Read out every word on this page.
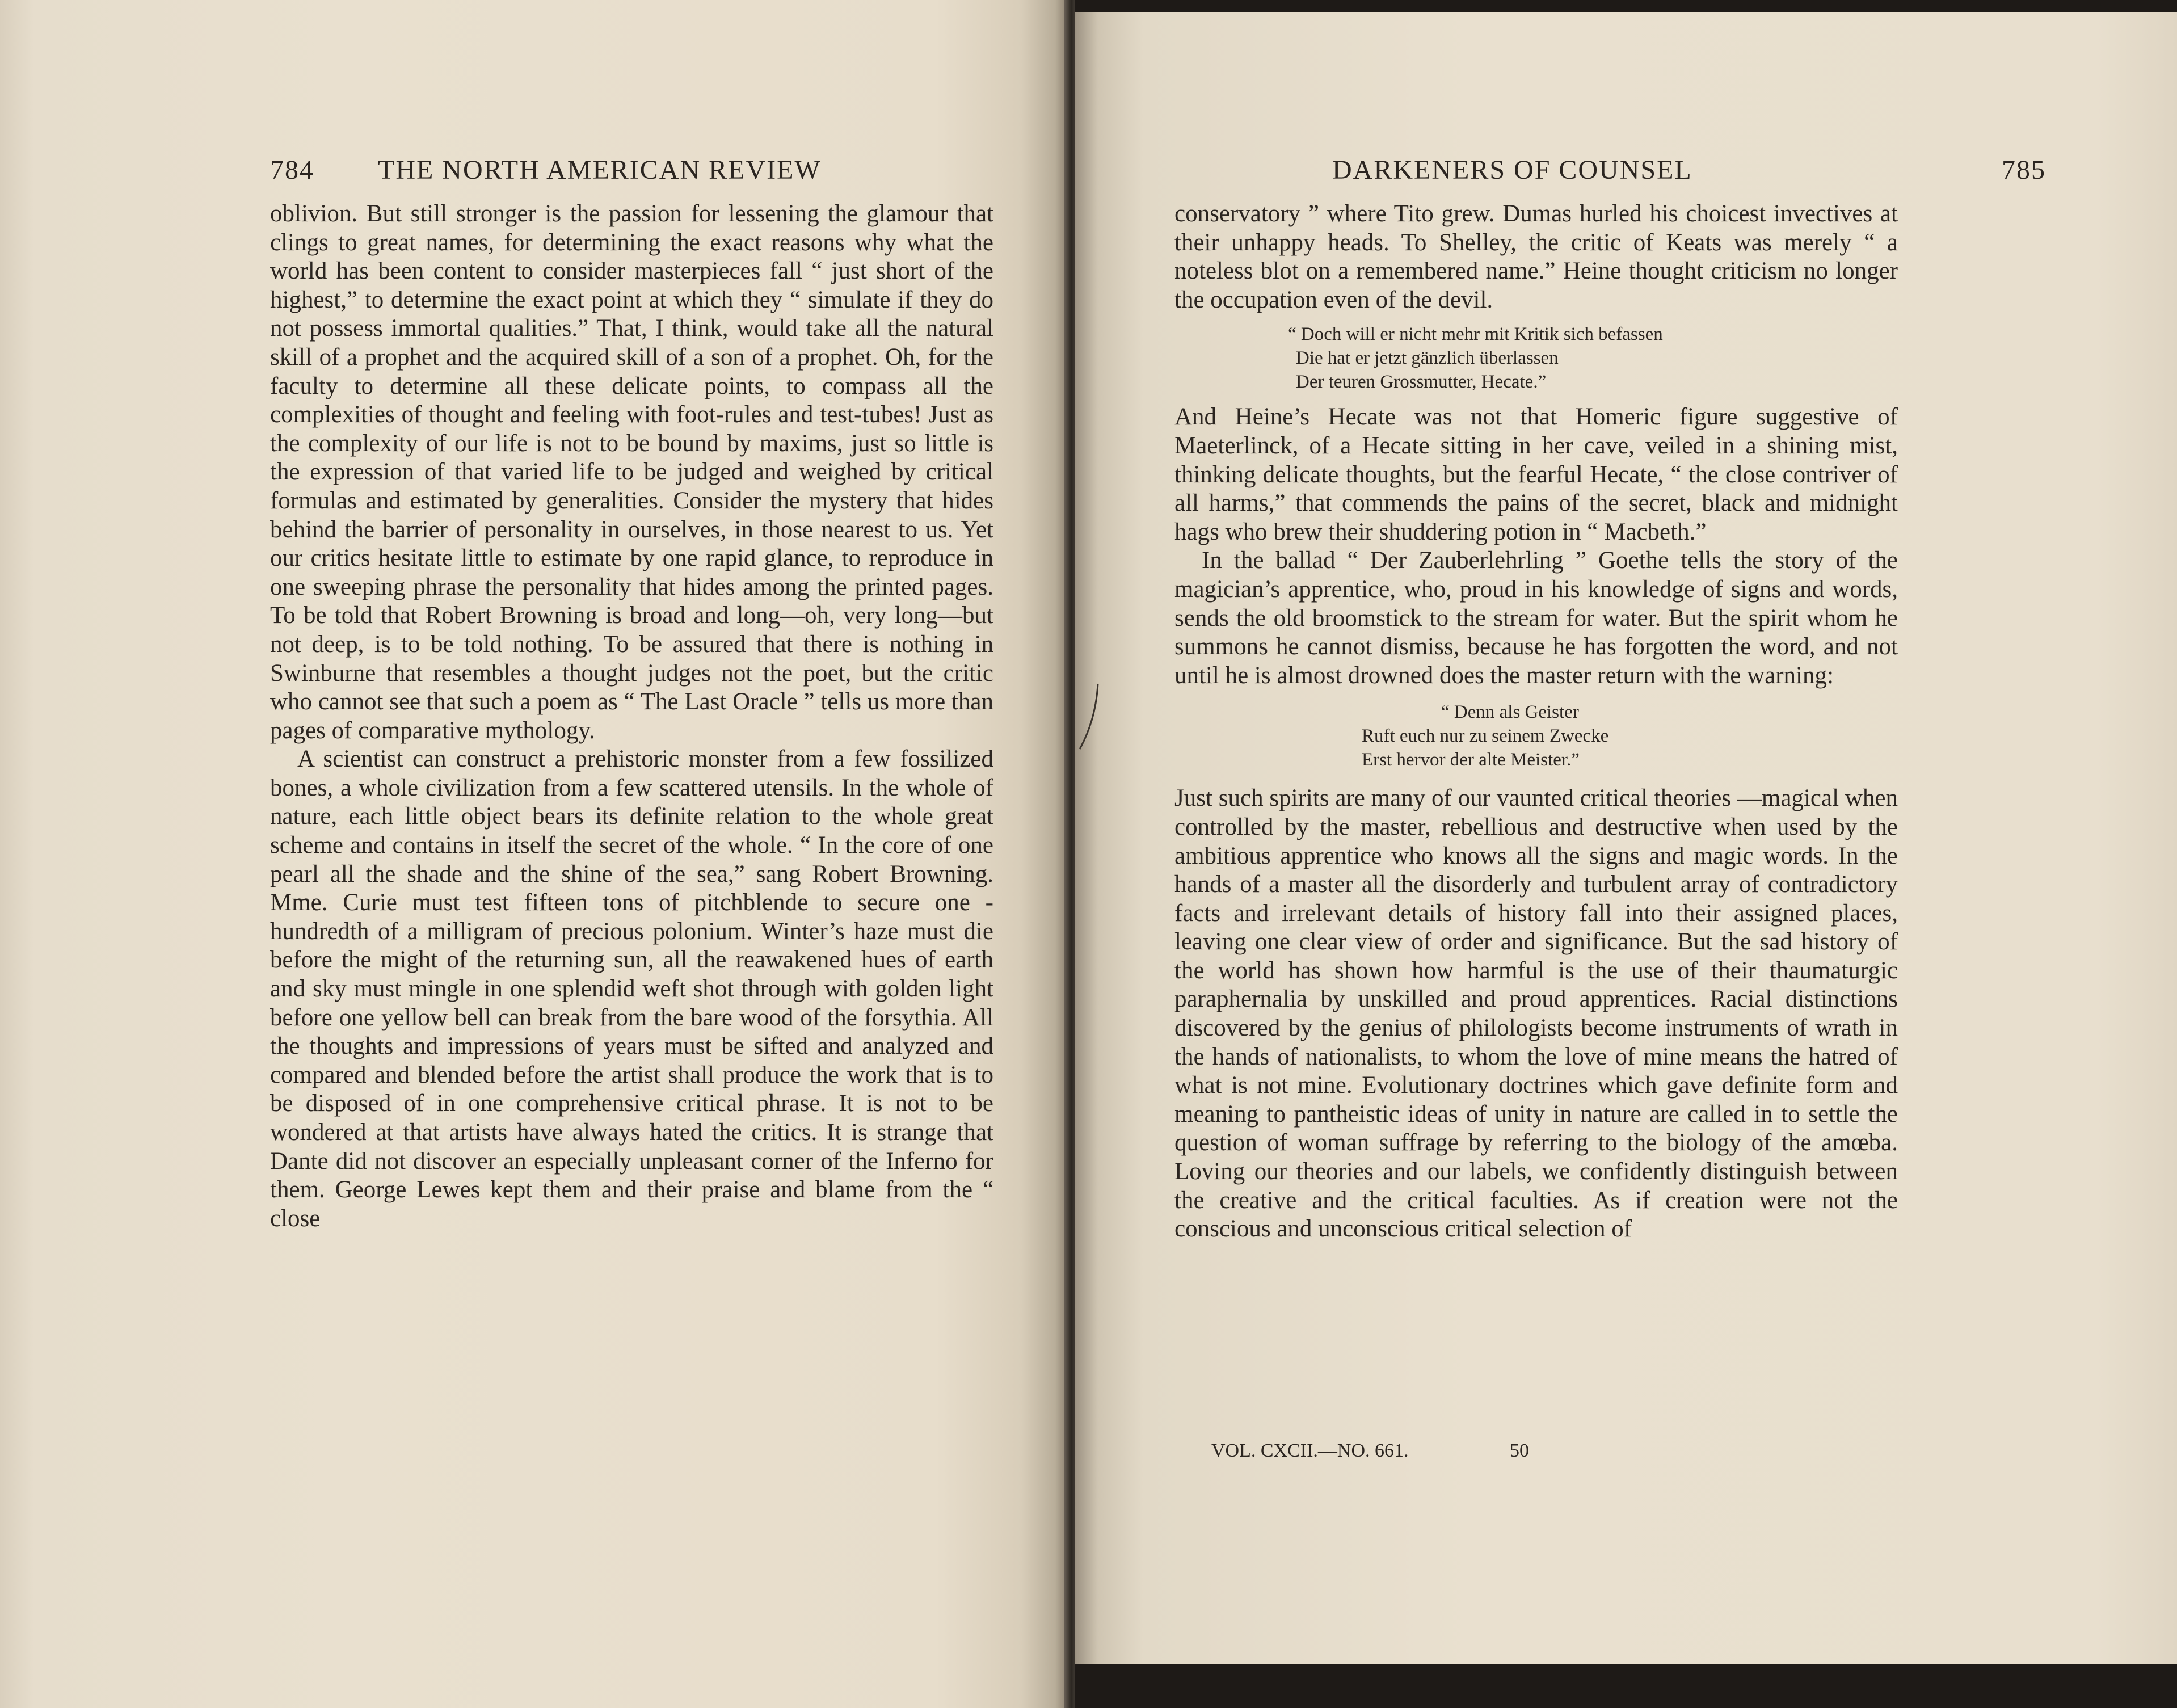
784 THE NORTH AMERICAN REVIEW

oblivion. But still stronger is the passion for lessening the glamour that clings to great names, for determining the exact reasons why what the world has been content to consider masterpieces fall “ just short of the highest,” to determine the exact point at which they “ simulate if they do not possess immortal qualities.” That, I think, would take all the natural skill of a prophet and the acquired skill of a son of a prophet. Oh, for the faculty to determine all these delicate points, to compass all the complexities of thought and feeling with foot-rules and test-tubes! Just as the complexity of our life is not to be bound by maxims, just so little is the expression of that varied life to be judged and weighed by critical formulas and estimated by generalities. Consider the mystery that hides behind the barrier of personality in ourselves, in those nearest to us. Yet our critics hesitate little to estimate by one rapid glance, to reproduce in one sweeping phrase the personality that hides among the printed pages. To be told that Robert Browning is broad and long—oh, very long—but not deep, is to be told nothing. To be assured that there is nothing in Swinburne that resembles a thought judges not the poet, but the critic who cannot see that such a poem as “ The Last Oracle ” tells us more than pages of comparative mythology.

A scientist can construct a prehistoric monster from a few fossilized bones, a whole civilization from a few scattered utensils. In the whole of nature, each little object bears its definite relation to the whole great scheme and contains in itself the secret of the whole. “ In the core of one pearl all the shade and the shine of the sea,” sang Robert Browning. Mme. Curie must test fifteen tons of pitchblende to secure one - hundredth of a milligram of precious polonium. Winter’s haze must die before the might of the returning sun, all the reawakened hues of earth and sky must mingle in one splendid weft shot through with golden light before one yellow bell can break from the bare wood of the forsythia. All the thoughts and impressions of years must be sifted and analyzed and compared and blended before the artist shall produce the work that is to be disposed of in one comprehensive critical phrase. It is not to be wondered at that artists have always hated the critics. It is strange that Dante did not discover an especially unpleasant corner of the Inferno for them. George Lewes kept them and their praise and blame from the “ close

DARKENERS OF COUNSEL	785

conservatory ” where Tito grew. Dumas hurled his choicest invectives at their unhappy heads. To Shelley, the critic of Keats was merely “ a noteless blot on a remembered name.” Heine thought criticism no longer the occupation even of the devil.

“ Doch will er nicht mehr mit Kritik sich befassen
Die hat er jetzt gänzlich überlassen
Der teuren Grossmutter, Hecate.”

And Heine’s Hecate was not that Homeric figure suggestive of Maeterlinck, of a Hecate sitting in her cave, veiled in a shining mist, thinking delicate thoughts, but the fearful Hecate, “ the close contriver of all harms,” that commends the pains of the secret, black and midnight hags who brew their shuddering potion in “ Macbeth.”

In the ballad “ Der Zauberlehrling ” Goethe tells the story of the magician’s apprentice, who, proud in his knowledge of signs and words, sends the old broomstick to the stream for water. But the spirit whom he summons he cannot dismiss, because he has forgotten the word, and not until he is almost drowned does the master return with the warning:

“ Denn als Geister
Ruft euch nur zu seinem Zwecke
Erst hervor der alte Meister.”

Just such spirits are many of our vaunted critical theories —magical when controlled by the master, rebellious and destructive when used by the ambitious apprentice who knows all the signs and magic words. In the hands of a master all the disorderly and turbulent array of contradictory facts and irrelevant details of history fall into their assigned places, leaving one clear view of order and significance. But the sad history of the world has shown how harmful is the use of their thaumaturgic paraphernalia by unskilled and proud apprentices. Racial distinctions discovered by the genius of philologists become instruments of wrath in the hands of nationalists, to whom the love of mine means the hatred of what is not mine. Evolutionary doctrines which gave definite form and meaning to pantheistic ideas of unity in nature are called in to settle the question of woman suffrage by referring to the biology of the amœba. Loving our theories and our labels, we confidently distinguish between the creative and the critical faculties. As if creation were not the conscious and unconscious critical selection of

VOL. CXCII.—NO. 661.	50
